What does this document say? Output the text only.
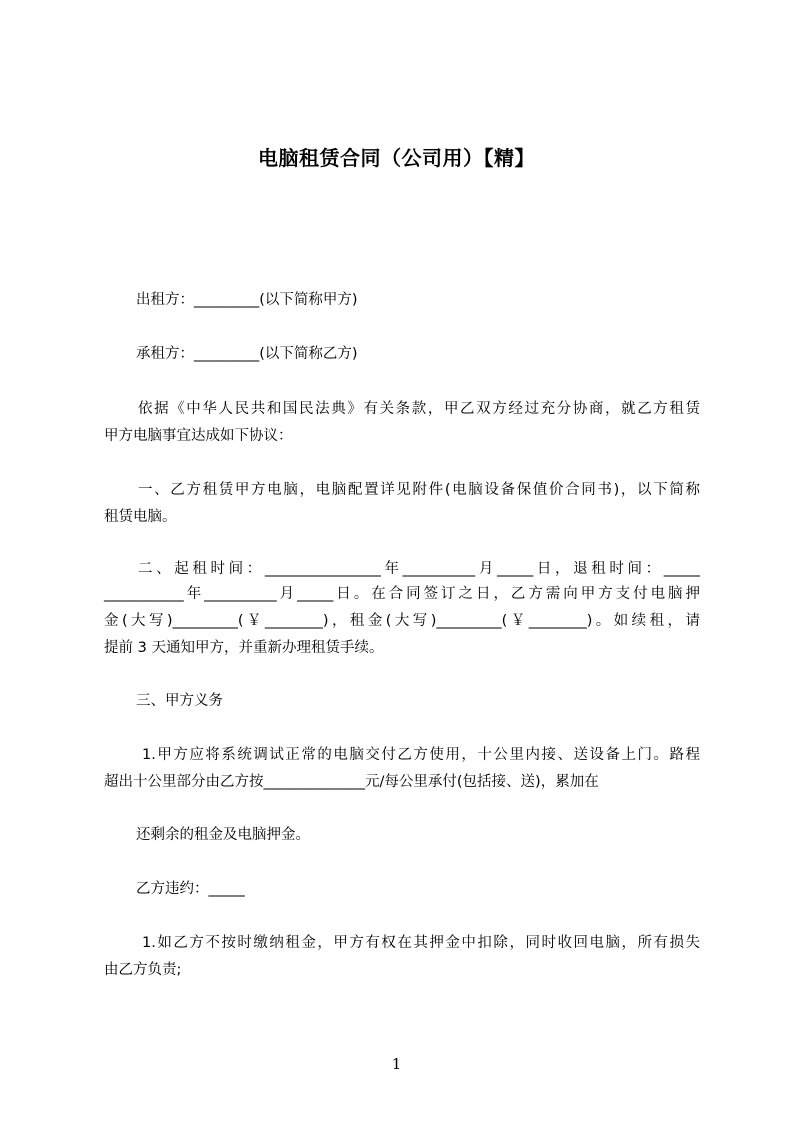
电脑租赁合同（公司用）【精】

出租方：_________(以下简称甲方)

承租方：_________(以下简称乙方)

依据《中华人民共和国民法典》有关条款，甲乙双方经过充分协商，就乙方租赁

甲方电脑事宜达成如下协议：

一、乙方租赁甲方电脑，电脑配置详见附件(电脑设备保值价合同书)，以下简称

租赁电脑。

二、起租时间：________________年__________月_____日，退租时间：_____

___________年__________月_____日。在合同签订之日，乙方需向甲方支付电脑押

金(大写)_________(￥________)，租金(大写)_________(￥________)。如续租，请

提前 3 天通知甲方，并重新办理租赁手续。

三、甲方义务

1.甲方应将系统调试正常的电脑交付乙方使用，十公里内接、送设备上门。路程

超出十公里部分由乙方按______________元/每公里承付(包括接、送)，累加在

还剩余的租金及电脑押金。

乙方违约：_____

1.如乙方不按时缴纳租金，甲方有权在其押金中扣除，同时收回电脑，所有损失

由乙方负责;

1
